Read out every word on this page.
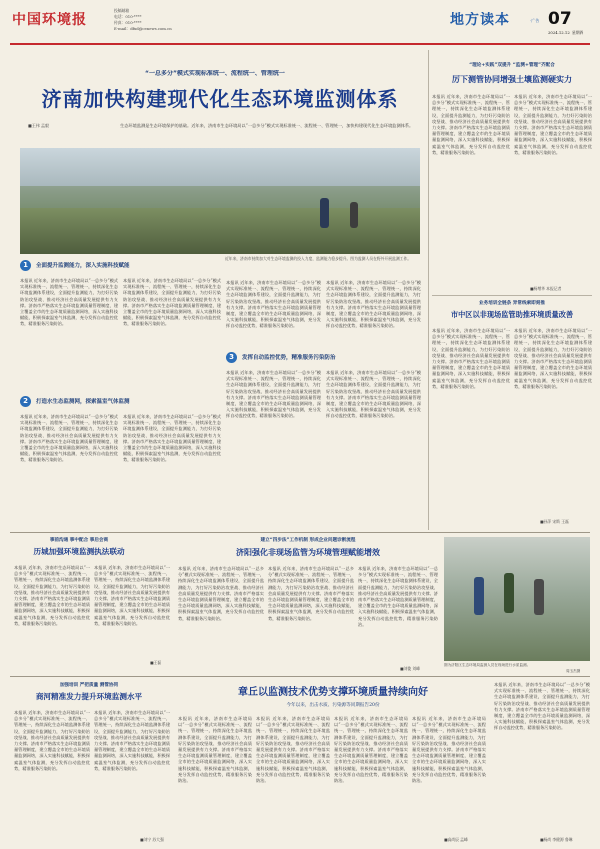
中国环境报
投稿邮箱
电话：010-****
传真：010-****
E-mail：dfxd@cenews.com.cn
地方读本	·广告 07
2024.12.12 星期四
“一总多分”模式实现标准统一、流程统一、管理统一
济南加快构建现代化生态环境监测体系
■王伟 孟毅	生态环境监测是生态环境保护的基础。近年来，济南市生态环境局以“一总多分”模式实现标准统一、流程统一、管理统一，加快构建现代化生态环境监测体系。
近年来，济南市持续加大对生态环境监测的投入力度，监测能力稳步提升。图为监测人员在野外开展监测工作。
1	全面提升监测能力，深入实施科技赋能
本报讯 近年来，济南市生态环境局以“一总多分”模式实现标准统一、流程统一、管理统一，持续深化生态环境监测体系建设，全面提升监测能力，为打好污染防治攻坚战、推动经济社会高质量发展提供有力支撑。济南市严格落实生态环境监测质量管理制度，建立覆盖全市的生态环境质量监测网络，深入实施科技赋能，积极探索温室气体监测，充分发挥自动监控优势，精准服务污染防治。
本报讯 近年来，济南市生态环境局以“一总多分”模式实现标准统一、流程统一、管理统一，持续深化生态环境监测体系建设，全面提升监测能力，为打好污染防治攻坚战、推动经济社会高质量发展提供有力支撑。济南市严格落实生态环境监测质量管理制度，建立覆盖全市的生态环境质量监测网络，深入实施科技赋能，积极探索温室气体监测，充分发挥自动监控优势，精准服务污染防治。
2	打造水生态监测网，探索温室气体监测
本报讯 近年来，济南市生态环境局以“一总多分”模式实现标准统一、流程统一、管理统一，持续深化生态环境监测体系建设，全面提升监测能力，为打好污染防治攻坚战、推动经济社会高质量发展提供有力支撑。济南市严格落实生态环境监测质量管理制度，建立覆盖全市的生态环境质量监测网络，深入实施科技赋能，积极探索温室气体监测，充分发挥自动监控优势，精准服务污染防治。
本报讯 近年来，济南市生态环境局以“一总多分”模式实现标准统一、流程统一、管理统一，持续深化生态环境监测体系建设，全面提升监测能力，为打好污染防治攻坚战、推动经济社会高质量发展提供有力支撑。济南市严格落实生态环境监测质量管理制度，建立覆盖全市的生态环境质量监测网络，深入实施科技赋能，积极探索温室气体监测，充分发挥自动监控优势，精准服务污染防治。
本报讯 近年来，济南市生态环境局以“一总多分”模式实现标准统一、流程统一、管理统一，持续深化生态环境监测体系建设，全面提升监测能力，为打好污染防治攻坚战、推动经济社会高质量发展提供有力支撑。济南市严格落实生态环境监测质量管理制度，建立覆盖全市的生态环境质量监测网络，深入实施科技赋能，积极探索温室气体监测，充分发挥自动监控优势，精准服务污染防治。
本报讯 近年来，济南市生态环境局以“一总多分”模式实现标准统一、流程统一、管理统一，持续深化生态环境监测体系建设，全面提升监测能力，为打好污染防治攻坚战、推动经济社会高质量发展提供有力支撑。济南市严格落实生态环境监测质量管理制度，建立覆盖全市的生态环境质量监测网络，深入实施科技赋能，积极探索温室气体监测，充分发挥自动监控优势，精准服务污染防治。
3	发挥自动监控优势，精准服务污染防治
本报讯 近年来，济南市生态环境局以“一总多分”模式实现标准统一、流程统一、管理统一，持续深化生态环境监测体系建设，全面提升监测能力，为打好污染防治攻坚战、推动经济社会高质量发展提供有力支撑。济南市严格落实生态环境监测质量管理制度，建立覆盖全市的生态环境质量监测网络，深入实施科技赋能，积极探索温室气体监测，充分发挥自动监控优势，精准服务污染防治。
本报讯 近年来，济南市生态环境局以“一总多分”模式实现标准统一、流程统一、管理统一，持续深化生态环境监测体系建设，全面提升监测能力，为打好污染防治攻坚战、推动经济社会高质量发展提供有力支撑。济南市严格落实生态环境监测质量管理制度，建立覆盖全市的生态环境质量监测网络，深入实施科技赋能，积极探索温室气体监测，充分发挥自动监控优势，精准服务污染防治。
“理论+实践”双提升 “监测+管理”齐配合
厉下测管协同增强土壤监测硬实力
本报讯 近年来，济南市生态环境局以“一总多分”模式实现标准统一、流程统一、管理统一，持续深化生态环境监测体系建设，全面提升监测能力，为打好污染防治攻坚战、推动经济社会高质量发展提供有力支撑。济南市严格落实生态环境监测质量管理制度，建立覆盖全市的生态环境质量监测网络，深入实施科技赋能，积极探索温室气体监测，充分发挥自动监控优势，精准服务污染防治。
本报讯 近年来，济南市生态环境局以“一总多分”模式实现标准统一、流程统一、管理统一，持续深化生态环境监测体系建设，全面提升监测能力，为打好污染防治攻坚战、推动经济社会高质量发展提供有力支撑。济南市严格落实生态环境监测质量管理制度，建立覆盖全市的生态环境质量监测网络，深入实施科技赋能，积极探索温室气体监测，充分发挥自动监控优势，精准服务污染防治。
■杨增华 本报记者
业务培训全链条 异常线索即刻推
市中区以非现场监管助推环境质量改善
本报讯 近年来，济南市生态环境局以“一总多分”模式实现标准统一、流程统一、管理统一，持续深化生态环境监测体系建设，全面提升监测能力，为打好污染防治攻坚战、推动经济社会高质量发展提供有力支撑。济南市严格落实生态环境监测质量管理制度，建立覆盖全市的生态环境质量监测网络，深入实施科技赋能，积极探索温室气体监测，充分发挥自动监控优势，精准服务污染防治。
本报讯 近年来，济南市生态环境局以“一总多分”模式实现标准统一、流程统一、管理统一，持续深化生态环境监测体系建设，全面提升监测能力，为打好污染防治攻坚战、推动经济社会高质量发展提供有力支撑。济南市严格落实生态环境监测质量管理制度，建立覆盖全市的生态环境质量监测网络，深入实施科技赋能，积极探索温室气体监测，充分发挥自动监控优势，精准服务污染防治。
■孙萍 宋斯 王磊
事前沟通 事中配合 事后会商
历城加强环境监测执法联动
本报讯 近年来，济南市生态环境局以“一总多分”模式实现标准统一、流程统一、管理统一，持续深化生态环境监测体系建设，全面提升监测能力，为打好污染防治攻坚战、推动经济社会高质量发展提供有力支撑。济南市严格落实生态环境监测质量管理制度，建立覆盖全市的生态环境质量监测网络，深入实施科技赋能，积极探索温室气体监测，充分发挥自动监控优势，精准服务污染防治。
本报讯 近年来，济南市生态环境局以“一总多分”模式实现标准统一、流程统一、管理统一，持续深化生态环境监测体系建设，全面提升监测能力，为打好污染防治攻坚战、推动经济社会高质量发展提供有力支撑。济南市严格落实生态环境监测质量管理制度，建立覆盖全市的生态环境质量监测网络，深入实施科技赋能，积极探索温室气体监测，充分发挥自动监控优势，精准服务污染防治。
■王磊
建立“四步法”工作机制 形成企业问题诊断流程
济阳强化非现场监管为环境管理赋能增效
本报讯 近年来，济南市生态环境局以“一总多分”模式实现标准统一、流程统一、管理统一，持续深化生态环境监测体系建设，全面提升监测能力，为打好污染防治攻坚战、推动经济社会高质量发展提供有力支撑。济南市严格落实生态环境监测质量管理制度，建立覆盖全市的生态环境质量监测网络，深入实施科技赋能，积极探索温室气体监测，充分发挥自动监控优势，精准服务污染防治。
本报讯 近年来，济南市生态环境局以“一总多分”模式实现标准统一、流程统一、管理统一，持续深化生态环境监测体系建设，全面提升监测能力，为打好污染防治攻坚战、推动经济社会高质量发展提供有力支撑。济南市严格落实生态环境监测质量管理制度，建立覆盖全市的生态环境质量监测网络，深入实施科技赋能，积极探索温室气体监测，充分发挥自动监控优势，精准服务污染防治。
本报讯 近年来，济南市生态环境局以“一总多分”模式实现标准统一、流程统一、管理统一，持续深化生态环境监测体系建设，全面提升监测能力，为打好污染防治攻坚战、推动经济社会高质量发展提供有力支撑。济南市严格落实生态环境监测质量管理制度，建立覆盖全市的生态环境质量监测网络，深入实施科技赋能，积极探索温室气体监测，充分发挥自动监控优势，精准服务污染防治。
■刘俊 刘峰
图为济阳区生态环境局监测人员在现场进行水质监测。
周玉杰摄
加强培训 严把质量 测管协同
商河精准发力提升环境监测水平
本报讯 近年来，济南市生态环境局以“一总多分”模式实现标准统一、流程统一、管理统一，持续深化生态环境监测体系建设，全面提升监测能力，为打好污染防治攻坚战、推动经济社会高质量发展提供有力支撑。济南市严格落实生态环境监测质量管理制度，建立覆盖全市的生态环境质量监测网络，深入实施科技赋能，积极探索温室气体监测，充分发挥自动监控优势，精准服务污染防治。
本报讯 近年来，济南市生态环境局以“一总多分”模式实现标准统一、流程统一、管理统一，持续深化生态环境监测体系建设，全面提升监测能力，为打好污染防治攻坚战、推动经济社会高质量发展提供有力支撑。济南市严格落实生态环境监测质量管理制度，建立覆盖全市的生态环境质量监测网络，深入实施科技赋能，积极探索温室气体监测，充分发挥自动监控优势，精准服务污染防治。
■刘宁 苏大强
章丘以监测技术优势支撑环境质量持续向好
今年以来，出击水质、污染源等同期报告20份
本报讯 近年来，济南市生态环境局以“一总多分”模式实现标准统一、流程统一、管理统一，持续深化生态环境监测体系建设，全面提升监测能力，为打好污染防治攻坚战、推动经济社会高质量发展提供有力支撑。济南市严格落实生态环境监测质量管理制度，建立覆盖全市的生态环境质量监测网络，深入实施科技赋能，积极探索温室气体监测，充分发挥自动监控优势，精准服务污染防治。
本报讯 近年来，济南市生态环境局以“一总多分”模式实现标准统一、流程统一、管理统一，持续深化生态环境监测体系建设，全面提升监测能力，为打好污染防治攻坚战、推动经济社会高质量发展提供有力支撑。济南市严格落实生态环境监测质量管理制度，建立覆盖全市的生态环境质量监测网络，深入实施科技赋能，积极探索温室气体监测，充分发挥自动监控优势，精准服务污染防治。
本报讯 近年来，济南市生态环境局以“一总多分”模式实现标准统一、流程统一、管理统一，持续深化生态环境监测体系建设，全面提升监测能力，为打好污染防治攻坚战、推动经济社会高质量发展提供有力支撑。济南市严格落实生态环境监测质量管理制度，建立覆盖全市的生态环境质量监测网络，深入实施科技赋能，积极探索温室气体监测，充分发挥自动监控优势，精准服务污染防治。
本报讯 近年来，济南市生态环境局以“一总多分”模式实现标准统一、流程统一、管理统一，持续深化生态环境监测体系建设，全面提升监测能力，为打好污染防治攻坚战、推动经济社会高质量发展提供有力支撑。济南市严格落实生态环境监测质量管理制度，建立覆盖全市的生态环境质量监测网络，深入实施科技赋能，积极探索温室气体监测，充分发挥自动监控优势，精准服务污染防治。
■高尚辰 孟峰
本报讯 近年来，济南市生态环境局以“一总多分”模式实现标准统一、流程统一、管理统一，持续深化生态环境监测体系建设，全面提升监测能力，为打好污染防治攻坚战、推动经济社会高质量发展提供有力支撑。济南市严格落实生态环境监测质量管理制度，建立覆盖全市的生态环境质量监测网络，深入实施科技赋能，积极探索温室气体监测，充分发挥自动监控优势，精准服务污染防治。
■杨尚 李健源 鲁琳
